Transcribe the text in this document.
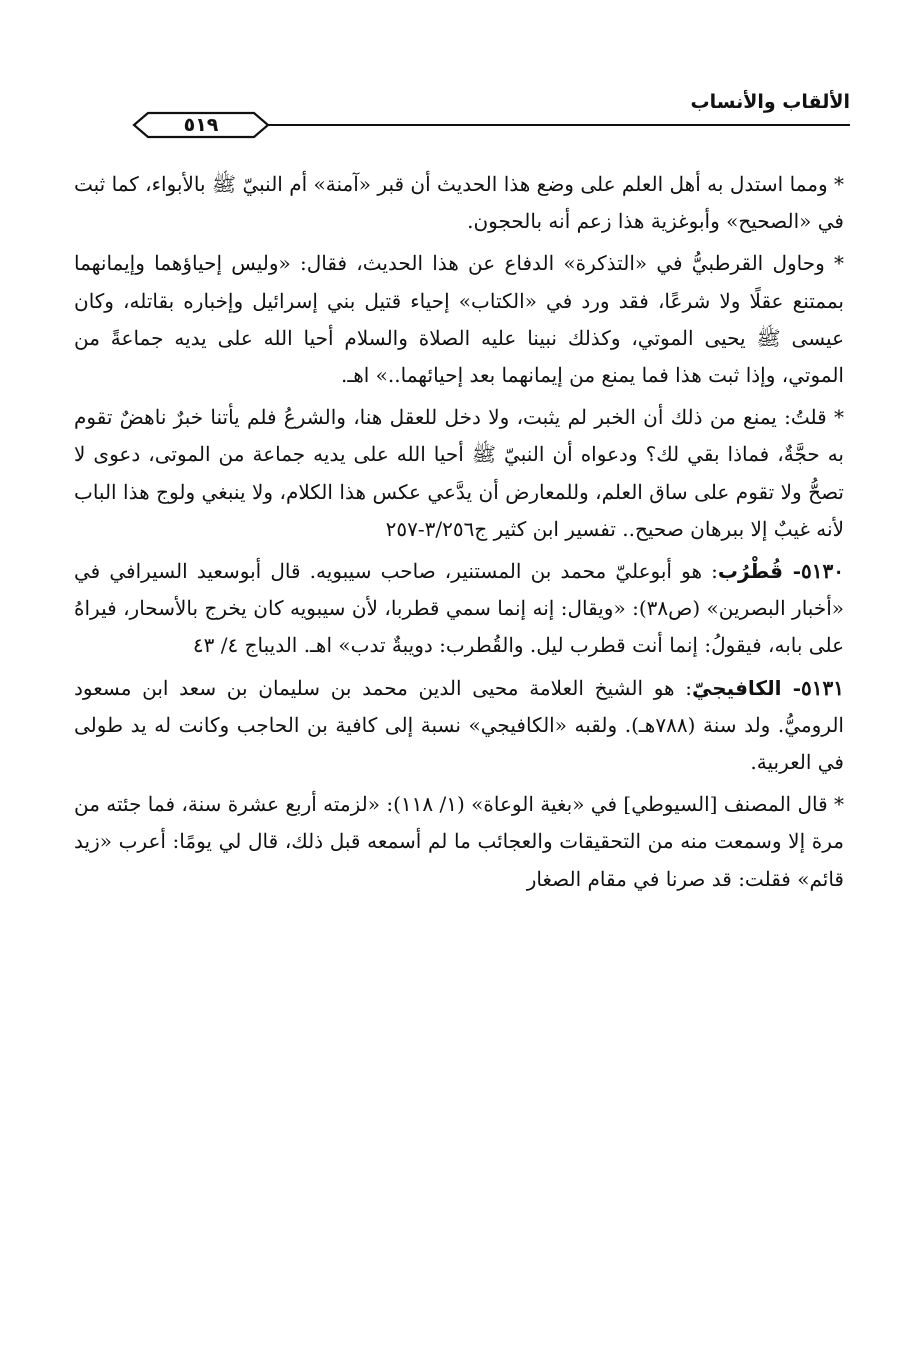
الألقاب والأنساب
٥١٩

* ومما استدل به أهل العلم على وضع هذا الحديث أن قبر «آمنة» أم النبيّ ﷺ بالأبواء، كما ثبت في «الصحيح» وأبوغزية هذا زعم أنه بالحجون.

* وحاول القرطبيُّ في «التذكرة» الدفاع عن هذا الحديث، فقال: «وليس إحياؤهما وإيمانهما بممتنع عقلًا ولا شرعًا، فقد ورد في «الكتاب» إحياء قتيل بني إسرائيل وإخباره بقاتله، وكان عيسى ﷺ يحيى الموتي، وكذلك نبينا عليه الصلاة والسلام أحيا الله على يديه جماعةً من الموتي، وإذا ثبت هذا فما يمنع من إيمانهما بعد إحيائهما..» اهـ.

* قلتُ: يمنع من ذلك أن الخبر لم يثبت، ولا دخل للعقل هنا، والشرعُ فلم يأتنا خبرٌ ناهضٌ تقوم به حجَّةٌ، فماذا بقي لك؟ ودعواه أن النبيّ ﷺ أحيا الله على يديه جماعة من الموتى، دعوى لا تصحُّ ولا تقوم على ساق العلم، وللمعارض أن يدَّعي عكس هذا الكلام، ولا ينبغي ولوج هذا الباب لأنه غيبٌ إلا ببرهان صحيح.. تفسير ابن كثير ج٣/٢٥٦-٢٥٧

٥١٣٠- قُطْرُب: هو أبوعليّ محمد بن المستنير، صاحب سيبويه. قال أبوسعيد السيرافي في «أخبار البصرين» (ص٣٨): «ويقال: إنه إنما سمي قطربا، لأن سيبويه كان يخرج بالأسحار، فيراهُ على بابه، فيقولُ: إنما أنت قطرب ليل. والقُطرب: دويبةٌ تدب» اهـ. الديباج ٤/ ٤٣

٥١٣١- الكافيجيّ: هو الشيخ العلامة محيى الدين محمد بن سليمان بن سعد ابن مسعود الروميُّ. ولد سنة (٧٨٨هـ). ولقبه «الكافيجي» نسبة إلى كافية بن الحاجب وكانت له يد طولى في العربية.

* قال المصنف [السيوطي] في «بغية الوعاة» (١/ ١١٨): «لزمته أربع عشرة سنة، فما جئته من مرة إلا وسمعت منه من التحقيقات والعجائب ما لم أسمعه قبل ذلك، قال لي يومًا: أعرب «زيد قائم» فقلت: قد صرنا في مقام الصغار
